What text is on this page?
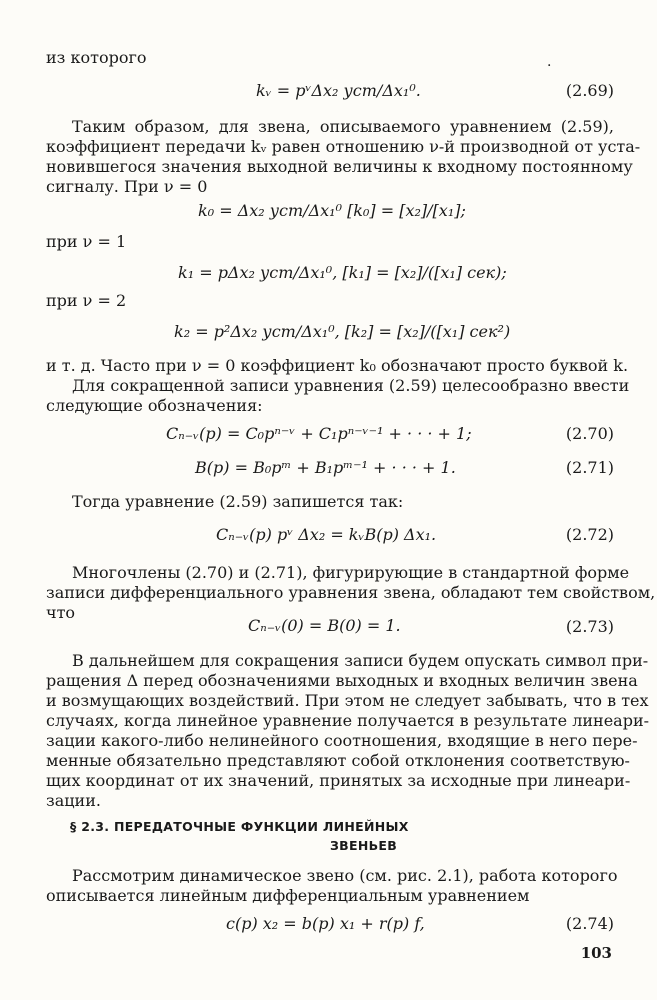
из которого	·
kᵥ = pᵛΔx₂ уст/Δx₁⁰.	(2.69)
Таким образом, для звена, описываемого уравнением (2.59),
коэффициент передачи kᵥ равен отношению ν-й производной от уста-
новившегося значения выходной величины к входному постоянному
сигналу. При ν = 0
k₀ = Δx₂ уст/Δx₁⁰ [k₀] = [x₂]/[x₁];
при ν = 1
k₁ = pΔx₂ уст/Δx₁⁰, [k₁] = [x₂]/([x₁] сек);
при ν = 2
k₂ = p²Δx₂ уст/Δx₁⁰, [k₂] = [x₂]/([x₁] сек²)
и т. д. Часто при ν = 0 коэффициент k₀ обозначают просто буквой k.
Для сокращенной записи уравнения (2.59) целесообразно ввести
следующие обозначения:
Cₙ₋ᵥ(p) = C₀pⁿ⁻ᵛ + C₁pⁿ⁻ᵛ⁻¹ + · · · + 1;	(2.70)
B(p) = B₀pᵐ + B₁pᵐ⁻¹ + · · · + 1.	(2.71)
Тогда уравнение (2.59) запишется так:
Cₙ₋ᵥ(p) pᵛ Δx₂ = kᵥB(p) Δx₁.	(2.72)
Многочлены (2.70) и (2.71), фигурирующие в стандартной форме
записи дифференциального уравнения звена, обладают тем свойством,
что
Cₙ₋ᵥ(0) = B(0) = 1.	(2.73)
В дальнейшем для сокращения записи будем опускать символ при-
ращения Δ перед обозначениями выходных и входных величин звена
и возмущающих воздействий. При этом не следует забывать, что в тех
случаях, когда линейное уравнение получается в результате линеари-
зации какого-либо нелинейного соотношения, входящие в него пере-
менные обязательно представляют собой отклонения соответствую-
щих координат от их значений, принятых за исходные при линеари-
зации.
§ 2.3. ПЕРЕДАТОЧНЫЕ ФУНКЦИИ ЛИНЕЙНЫХ
ЗВЕНЬЕВ
Рассмотрим динамическое звено (см. рис. 2.1), работа которого
описывается линейным дифференциальным уравнением
c(p) x₂ = b(p) x₁ + r(p) f,	(2.74)
103
